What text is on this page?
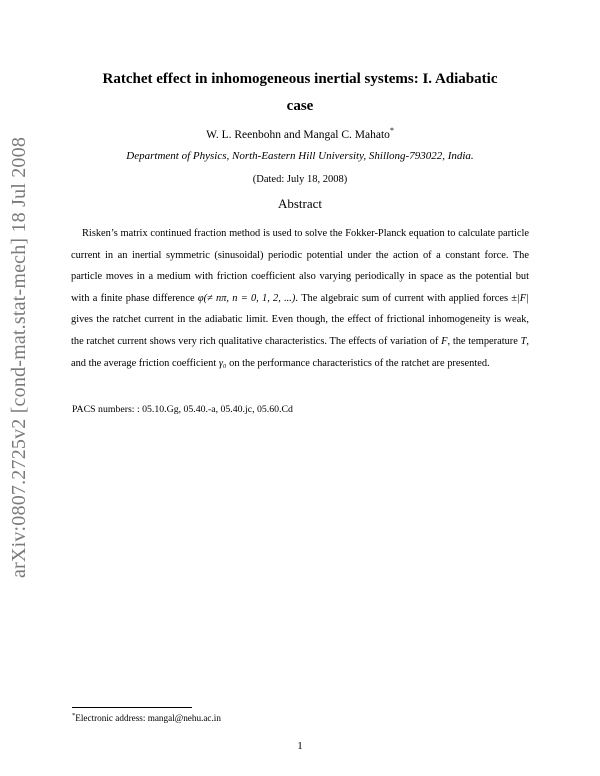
arXiv:0807.2725v2 [cond-mat.stat-mech] 18 Jul 2008
Ratchet effect in inhomogeneous inertial systems: I. Adiabatic
case
W. L. Reenbohn and Mangal C. Mahato*
Department of Physics, North-Eastern Hill University, Shillong-793022, India.
(Dated: July 18, 2008)
Abstract
Risken’s matrix continued fraction method is used to solve the Fokker-Planck equation to calculate particle current in an inertial symmetric (sinusoidal) periodic potential under the action of a constant force. The particle moves in a medium with friction coefficient also varying periodically in space as the potential but with a finite phase difference φ(≠ nπ, n = 0, 1, 2, ...). The algebraic sum of current with applied forces ±|F| gives the ratchet current in the adiabatic limit. Even though, the effect of frictional inhomogeneity is weak, the ratchet current shows very rich qualitative characteristics. The effects of variation of F, the temperature T, and the average friction coefficient γ₀ on the performance characteristics of the ratchet are presented.
PACS numbers: : 05.10.Gg, 05.40.-a, 05.40.jc, 05.60.Cd
*Electronic address: mangal@nehu.ac.in
1
